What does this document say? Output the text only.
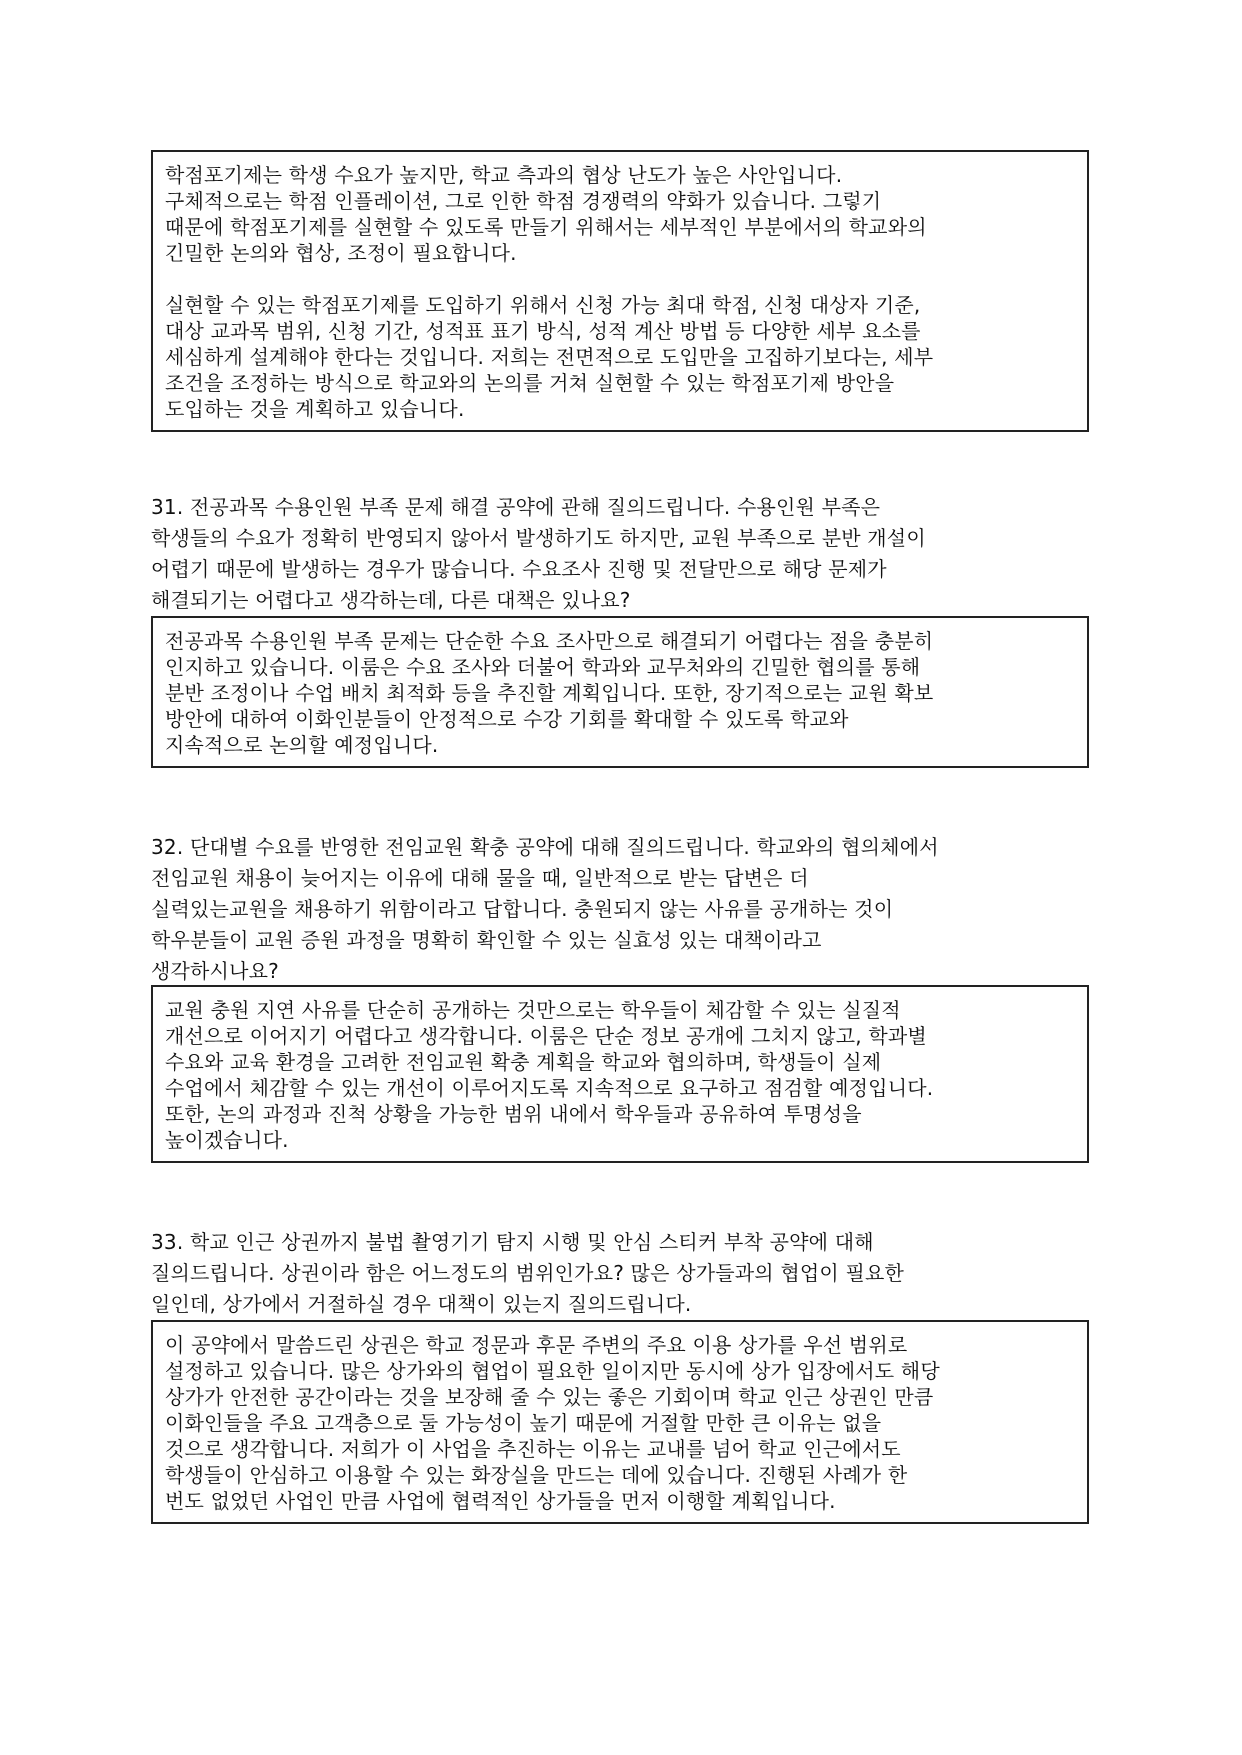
학점포기제는 학생 수요가 높지만, 학교 측과의 협상 난도가 높은 사안입니다.
구체적으로는 학점 인플레이션, 그로 인한 학점 경쟁력의 약화가 있습니다. 그렇기
때문에 학점포기제를 실현할 수 있도록 만들기 위해서는 세부적인 부분에서의 학교와의
긴밀한 논의와 협상, 조정이 필요합니다.
실현할 수 있는 학점포기제를 도입하기 위해서 신청 가능 최대 학점, 신청 대상자 기준,
대상 교과목 범위, 신청 기간, 성적표 표기 방식, 성적 계산 방법 등 다양한 세부 요소를
세심하게 설계해야 한다는 것입니다. 저희는 전면적으로 도입만을 고집하기보다는, 세부
조건을 조정하는 방식으로 학교와의 논의를 거쳐 실현할 수 있는 학점포기제 방안을
도입하는 것을 계획하고 있습니다.
31. 전공과목 수용인원 부족 문제 해결 공약에 관해 질의드립니다. 수용인원 부족은
학생들의 수요가 정확히 반영되지 않아서 발생하기도 하지만, 교원 부족으로 분반 개설이
어렵기 때문에 발생하는 경우가 많습니다. 수요조사 진행 및 전달만으로 해당 문제가
해결되기는 어렵다고 생각하는데, 다른 대책은 있나요?
전공과목 수용인원 부족 문제는 단순한 수요 조사만으로 해결되기 어렵다는 점을 충분히
인지하고 있습니다. 이룸은 수요 조사와 더불어 학과와 교무처와의 긴밀한 협의를 통해
분반 조정이나 수업 배치 최적화 등을 추진할 계획입니다. 또한, 장기적으로는 교원 확보
방안에 대하여 이화인분들이 안정적으로 수강 기회를 확대할 수 있도록 학교와
지속적으로 논의할 예정입니다.
32. 단대별 수요를 반영한 전임교원 확충 공약에 대해 질의드립니다. 학교와의 협의체에서
전임교원 채용이 늦어지는 이유에 대해 물을 때, 일반적으로 받는 답변은 더
실력있는교원을 채용하기 위함이라고 답합니다. 충원되지 않는 사유를 공개하는 것이
학우분들이 교원 증원 과정을 명확히 확인할 수 있는 실효성 있는 대책이라고
생각하시나요?
교원 충원 지연 사유를 단순히 공개하는 것만으로는 학우들이 체감할 수 있는 실질적
개선으로 이어지기 어렵다고 생각합니다. 이룸은 단순 정보 공개에 그치지 않고, 학과별
수요와 교육 환경을 고려한 전임교원 확충 계획을 학교와 협의하며, 학생들이 실제
수업에서 체감할 수 있는 개선이 이루어지도록 지속적으로 요구하고 점검할 예정입니다.
또한, 논의 과정과 진척 상황을 가능한 범위 내에서 학우들과 공유하여 투명성을
높이겠습니다.
33. 학교 인근 상권까지 불법 촬영기기 탐지 시행 및 안심 스티커 부착 공약에 대해
질의드립니다. 상권이라 함은 어느정도의 범위인가요? 많은 상가들과의 협업이 필요한
일인데, 상가에서 거절하실 경우 대책이 있는지 질의드립니다.
이 공약에서 말씀드린 상권은 학교 정문과 후문 주변의 주요 이용 상가를 우선 범위로
설정하고 있습니다. 많은 상가와의 협업이 필요한 일이지만 동시에 상가 입장에서도 해당
상가가 안전한 공간이라는 것을 보장해 줄 수 있는 좋은 기회이며 학교 인근 상권인 만큼
이화인들을 주요 고객층으로 둘 가능성이 높기 때문에 거절할 만한 큰 이유는 없을
것으로 생각합니다. 저희가 이 사업을 추진하는 이유는 교내를 넘어 학교 인근에서도
학생들이 안심하고 이용할 수 있는 화장실을 만드는 데에 있습니다. 진행된 사례가 한
번도 없었던 사업인 만큼 사업에 협력적인 상가들을 먼저 이행할 계획입니다.
